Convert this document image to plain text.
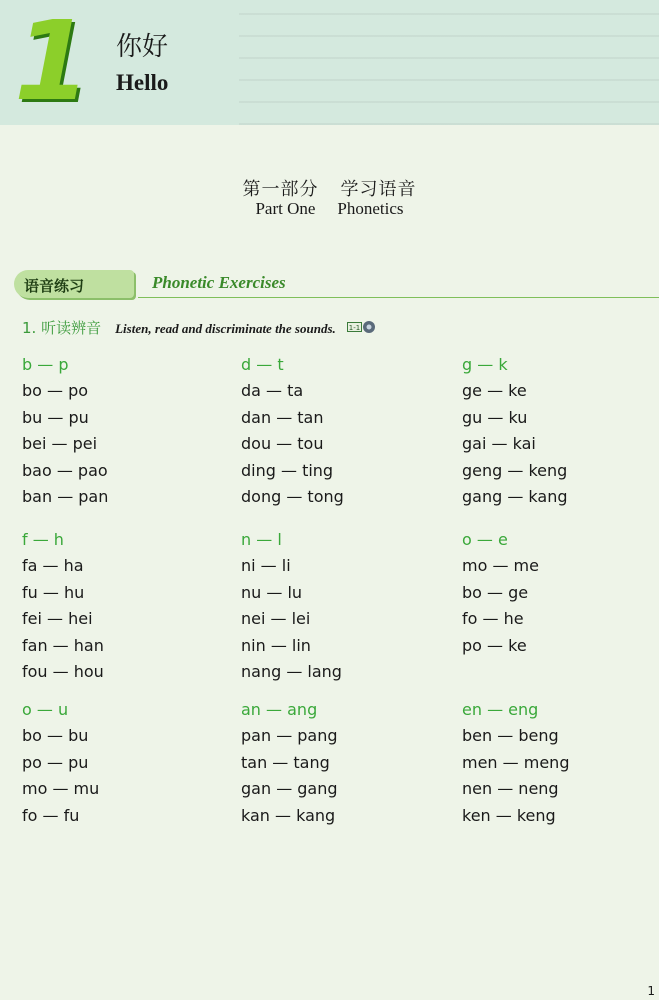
1 你好
Hello
第一部分 学习语音
Part One Phonetics
语音练习	Phonetic Exercises
1. 听读辨音 Listen, read and discriminate the sounds. 1-1
b — p
bo — po
bu — pu
bei — pei
bao — pao
ban — pan
d — t
da — ta
dan — tan
dou — tou
ding — ting
dong — tong
g — k
ge — ke
gu — ku
gai — kai
geng — keng
gang — kang
f — h
fa — ha
fu — hu
fei — hei
fan — han
fou — hou
n — l
ni — li
nu — lu
nei — lei
nin — lin
nang — lang
o — e
mo — me
bo — ge
fo — he
po — ke
o — u
bo — bu
po — pu
mo — mu
fo — fu
an — ang
pan — pang
tan — tang
gan — gang
kan — kang
en — eng
ben — beng
men — meng
nen — neng
ken — keng
1
